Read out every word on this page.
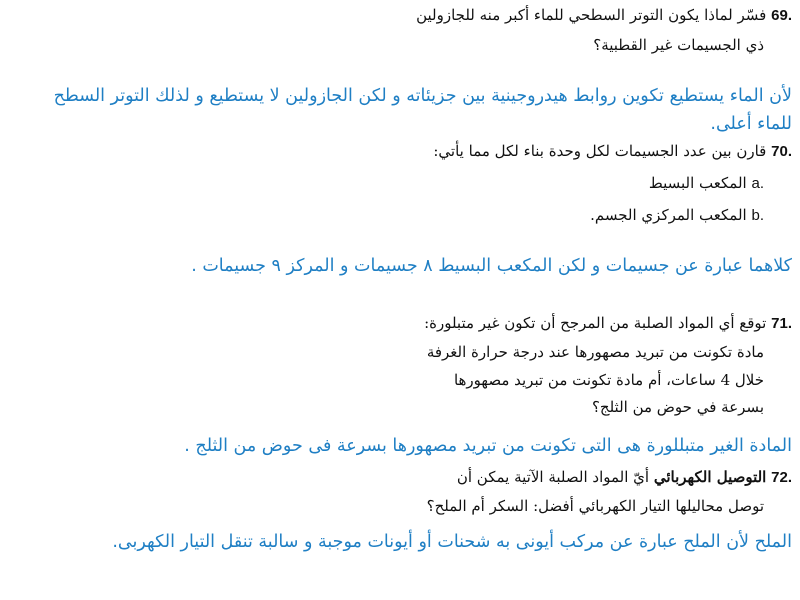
69. فسّر لماذا يكون التوتر السطحي للماء أكبر منه للجازولين

ذي الجسيمات غير القطبية؟

لأن الماء يستطيع تكوين روابط هيدروجينية بين جزيئاته و لكن الجازولين لا يستطيع و لذلك التوتر السطح

للماء أعلى.

70. قارن بين عدد الجسيمات لكل وحدة بناء لكل مما يأتي:

a. المكعب البسيط

b. المكعب المركزي الجسم.

كلاهما عبارة عن جسيمات و لكن المكعب البسيط ٨ جسيمات و المركز ٩ جسيمات .

71. توقع أي المواد الصلبة من المرجح أن تكون غير متبلورة:

مادة تكونت من تبريد مصهورها عند درجة حرارة الغرفة

خلال 4 ساعات، أم مادة تكونت من تبريد مصهورها

بسرعة في حوض من الثلج؟

المادة الغير متبللورة هى التى تكونت من تبريد مصهورها بسرعة فى حوض من الثلج .

72. التوصيل الكهربائي أيّ المواد الصلبة الآتية يمكن أن

توصل محاليلها التيار الكهربائي أفضل: السكر أم الملح؟

الملح لأن الملح عبارة عن مركب أيونى به شحنات أو أيونات موجبة و سالبة تنقل التيار الكهربى.
